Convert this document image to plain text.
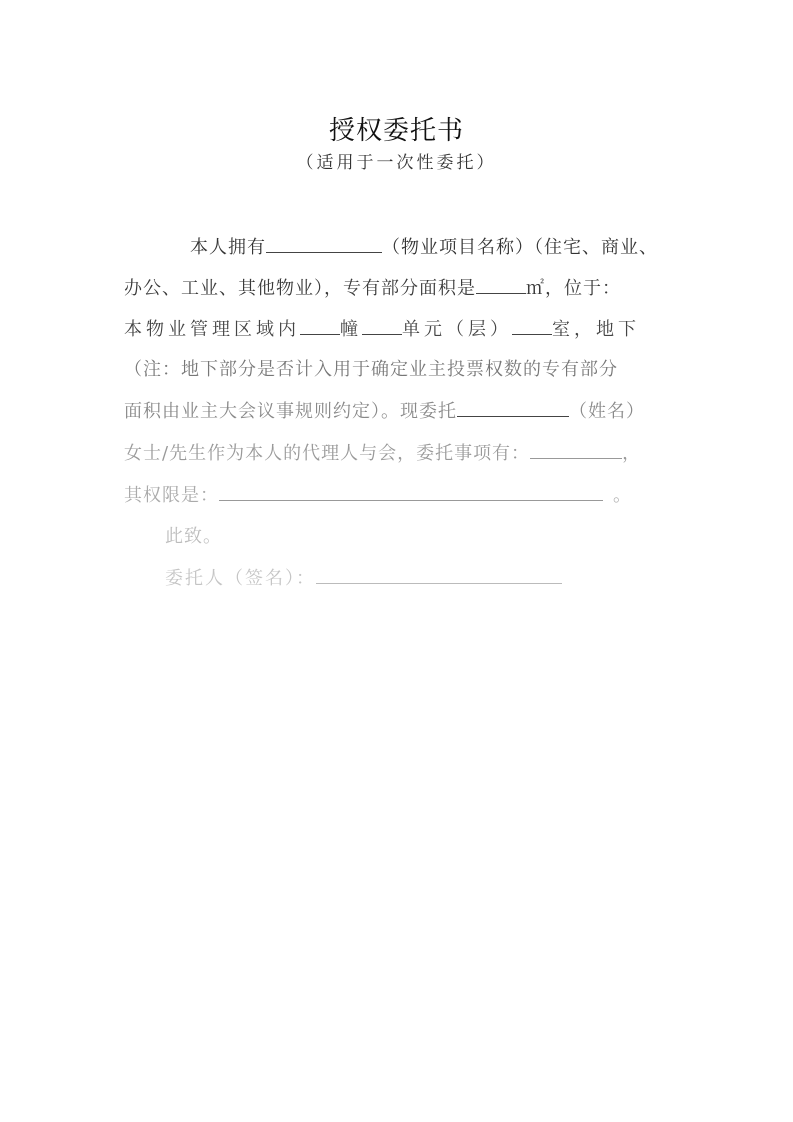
授权委托书
（适用于一次性委托）
本人拥有	（物业项目名称）（住宅、商业、
办公、工业、其他物业），专有部分面积是	㎡，位于：
本物业管理区域内 幢 单元（层） 室，地下
（注：地下部分是否计入用于确定业主投票权数的专有部分
面积由业主大会议事规则约定）。现委托	（姓名）
女士/先生作为本人的代理人与会，委托事项有：	，
其权限是：	。
此致。
委托人（签名）：
